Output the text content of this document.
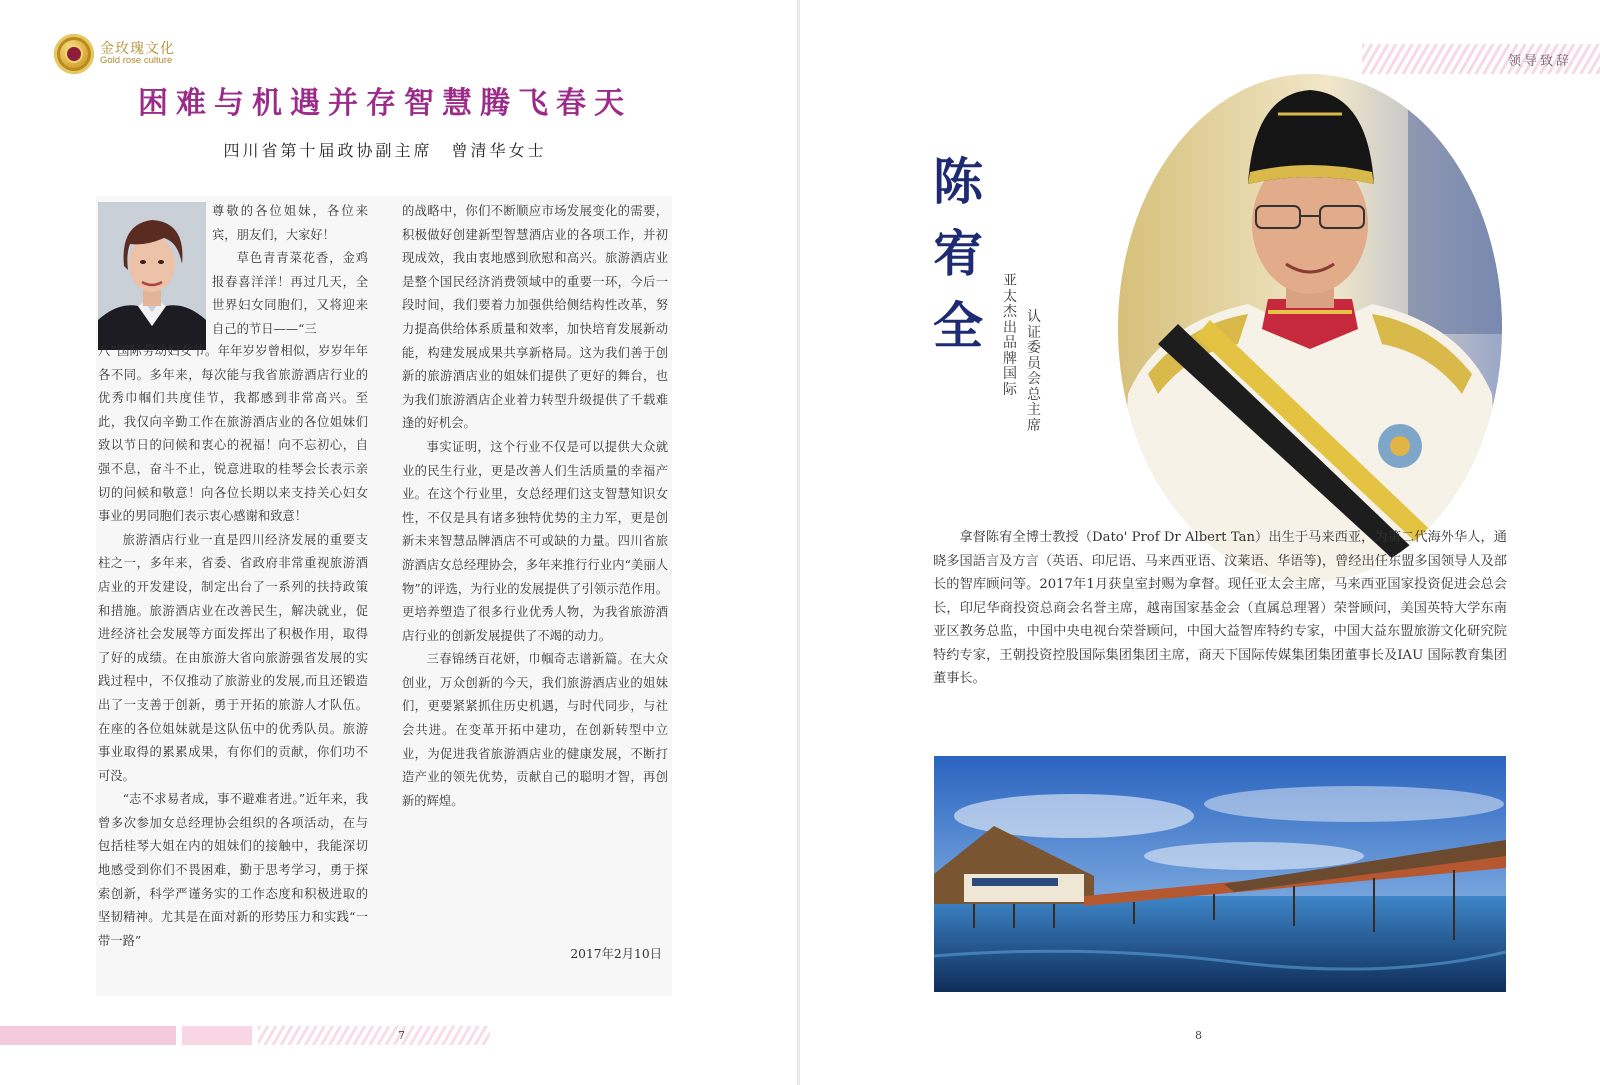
金玫瑰文化
Gold rose culture
困难与机遇并存智慧腾飞春天
四川省第十届政协副主席　曾清华女士

尊敬的各位姐妹，各位来宾，朋友们，大家好！

草色青青菜花香，金鸡报春喜洋洋！再过几天，全世界妇女同胞们，又将迎来自己的节日——“三

八”国际劳动妇女节。年年岁岁曾相似，岁岁年年各不同。多年来，每次能与我省旅游酒店行业的优秀巾帼们共度佳节，我都感到非常高兴。至此，我仅向辛勤工作在旅游酒店业的各位姐妹们致以节日的问候和衷心的祝福！向不忘初心，自强不息，奋斗不止，锐意进取的桂琴会长表示亲切的问候和敬意！向各位长期以来支持关心妇女事业的男同胞们表示衷心感谢和致意！

旅游酒店行业一直是四川经济发展的重要支柱之一，多年来，省委、省政府非常重视旅游酒店业的开发建设，制定出台了一系列的扶持政策和措施。旅游酒店业在改善民生，解决就业，促进经济社会发展等方面发挥出了积极作用，取得了好的成绩。在由旅游大省向旅游强省发展的实践过程中，不仅推动了旅游业的发展,而且还锻造出了一支善于创新，勇于开拓的旅游人才队伍。在座的各位姐妹就是这队伍中的优秀队员。旅游事业取得的累累成果，有你们的贡献，你们功不可没。

“志不求易者成，事不避难者进。”近年来，我曾多次参加女总经理协会组织的各项活动，在与包括桂琴大姐在内的姐妹们的接触中，我能深切地感受到你们不畏困难，勤于思考学习，勇于探索创新，科学严谨务实的工作态度和积极进取的坚韧精神。尤其是在面对新的形势压力和实践“一带一路”

的战略中，你们不断顺应市场发展变化的需要，积极做好创建新型智慧酒店业的各项工作，并初现成效，我由衷地感到欣慰和高兴。旅游酒店业是整个国民经济消费领域中的重要一环，今后一段时间，我们要着力加强供给侧结构性改革，努力提高供给体系质量和效率，加快培育发展新动能，构建发展成果共享新格局。这为我们善于创新的旅游酒店业的姐妹们提供了更好的舞台，也为我们旅游酒店企业着力转型升级提供了千载难逢的好机会。

事实证明，这个行业不仅是可以提供大众就业的民生行业，更是改善人们生活质量的幸福产业。在这个行业里，女总经理们这支智慧知识女性，不仅是具有诸多独特优势的主力军，更是创新未来智慧品牌酒店不可或缺的力量。四川省旅游酒店女总经理协会，多年来推行行业内“美丽人物”的评选，为行业的发展提供了引领示范作用。更培养塑造了很多行业优秀人物，为我省旅游酒店行业的创新发展提供了不竭的动力。

三春锦绣百花妍，巾帼奇志谱新篇。在大众创业，万众创新的今天，我们旅游酒店业的姐妹们，更要紧紧抓住历史机遇，与时代同步，与社会共进。在变革开拓中建功，在创新转型中立业，为促进我省旅游酒店业的健康发展，不断打造产业的领先优势，贡献自己的聪明才智，再创新的辉煌。

2017年2月10日
7
领导致辞
陈
宥
全
亚太杰出品牌国际
认证委员会总主席

拿督陈宥全博士教授（Dato' Prof Dr Albert Tan）出生于马来西亚，为第二代海外华人，通晓多国語言及方言（英语、印尼语、马来西亚语、汶莱语、华语等)，曾经出任东盟多国领导人及部长的智库顾问等。2017年1月获皇室封赐为拿督。现任亚太会主席，马来西亚国家投资促进会总会长，印尼华商投资总商会名誉主席，越南国家基金会（直属总理署）荣誉顾问，美国英特大学东南亚区教务总监，中国中央电视台荣誉顾问，中国大益智库特约专家，中国大益东盟旅游文化研究院特约专家，王朝投资控股国际集团集团主席，商天下国际传媒集团集团董事长及IAU 国际教育集团董事长。

8
